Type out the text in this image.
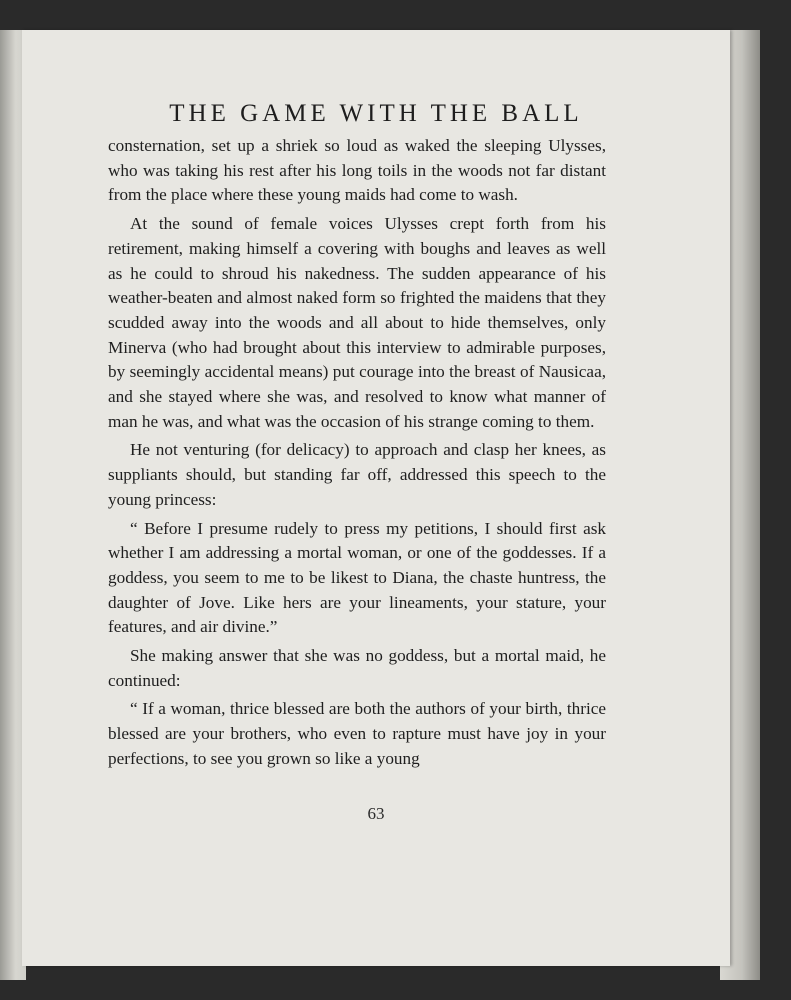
THE GAME WITH THE BALL

consternation, set up a shriek so loud as waked the sleeping Ulysses, who was taking his rest after his long toils in the woods not far distant from the place where these young maids had come to wash.

At the sound of female voices Ulysses crept forth from his retirement, making himself a covering with boughs and leaves as well as he could to shroud his nakedness. The sudden appearance of his weather-beaten and almost naked form so frighted the maidens that they scudded away into the woods and all about to hide themselves, only Minerva (who had brought about this interview to admirable purposes, by seemingly accidental means) put courage into the breast of Nausicaa, and she stayed where she was, and resolved to know what manner of man he was, and what was the occasion of his strange coming to them.

He not venturing (for delicacy) to approach and clasp her knees, as suppliants should, but standing far off, addressed this speech to the young princess:

“ Before I presume rudely to press my petitions, I should first ask whether I am addressing a mortal woman, or one of the goddesses. If a goddess, you seem to me to be likest to Diana, the chaste huntress, the daughter of Jove. Like hers are your lineaments, your stature, your features, and air divine.”

She making answer that she was no goddess, but a mortal maid, he continued:

“ If a woman, thrice blessed are both the authors of your birth, thrice blessed are your brothers, who even to rapture must have joy in your perfections, to see you grown so like a young

63
